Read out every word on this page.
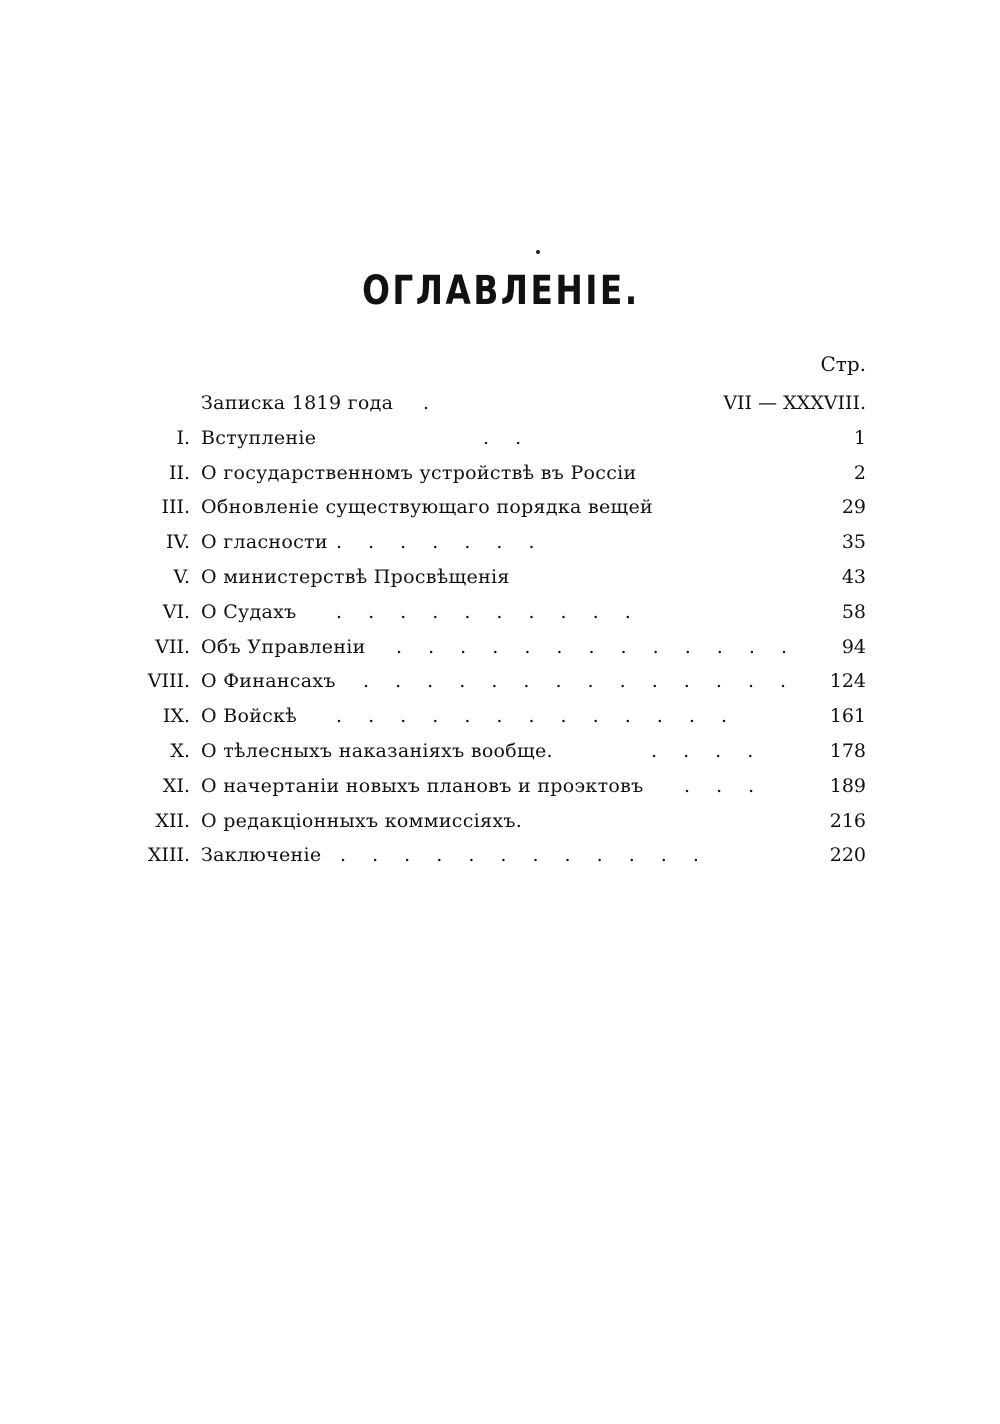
ОГЛАВЛЕНІЕ.
Стр.
Записка 1819 года .	VII — XXXVIII.
I. Вступленіе	. .	1
II. О государственномъ устройствѣ въ Россіи	2
III. Обновленіе существующаго порядка вещей	29
IV. О гласности . . . . . . .	35
V. О министерствѣ Просвѣщенія	43
VI. О Судахъ . . . . . . . . . .	58
VII. Объ Управленіи . . . . . . . . . . . . . 94
VIII. О Финансахъ . . . . . . . . . . . . . . 124
IX. О Войскѣ . . . . . . . . . . . . .	161
X. О тѣлесныхъ наказаніяхъ вообще.	. . . .	178
XI. О начертаніи новыхъ плановъ и проэктовъ . . .	189
XII. О редакціонныхъ коммиссіяхъ.	216
XIII. Заключеніе . . . . . . . . . . . .	220
